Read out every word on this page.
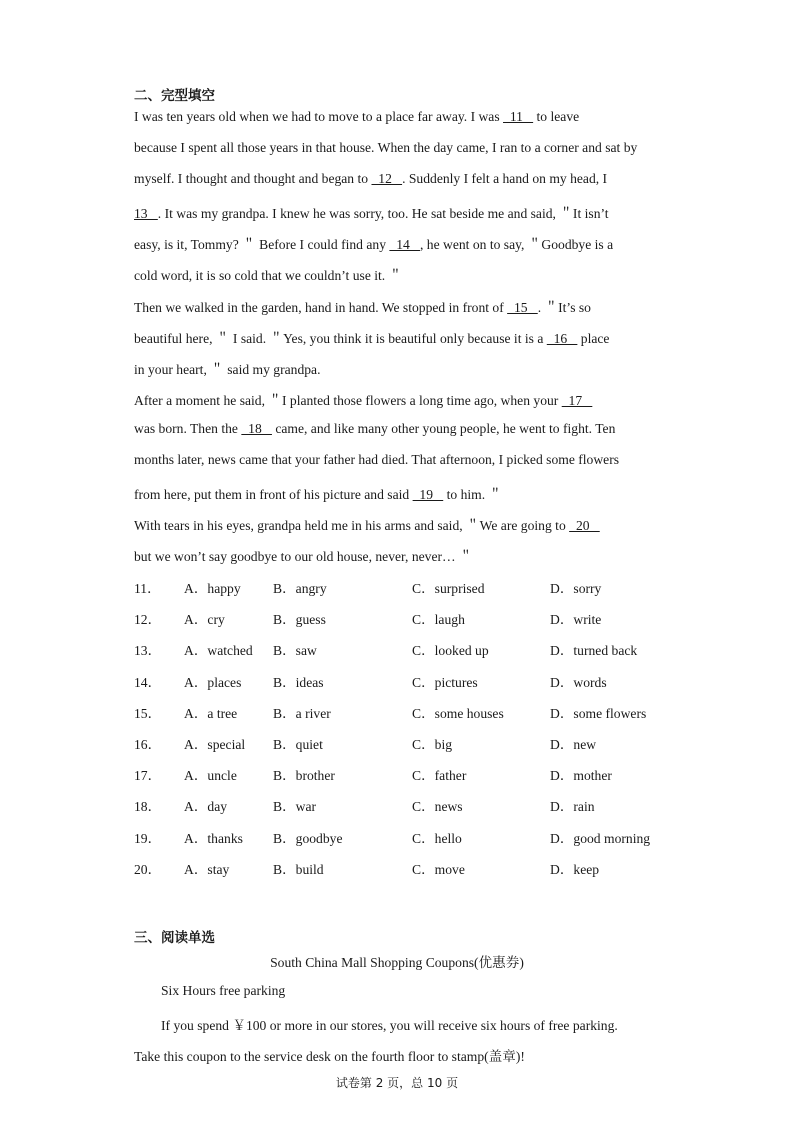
二、完型填空
I was ten years old when we had to move to a place far away. I was   11    to leave
because I spent all those years in that house. When the day came, I ran to a corner and sat by
myself. I thought and thought and began to   12   . Suddenly I felt a hand on my head, I
13   . It was my grandpa. I knew he was sorry, too. He sat beside me and said, ＂It isn’t
easy, is it, Tommy? ＂ Before I could find any   14   , he went on to say, ＂Goodbye is a
cold word, it is so cold that we couldn’t use it. ＂
Then we walked in the garden, hand in hand. We stopped in front of   15   . ＂It’s so
beautiful here, ＂ I said. ＂Yes, you think it is beautiful only because it is a   16    place
in your heart, ＂ said my grandpa.
After a moment he said, ＂I planted those flowers a long time ago, when your   17
was born. Then the   18    came, and like many other young people, he went to fight. Ten
months later, news came that your father had died. That afternoon, I picked some flowers
from here, put them in front of his picture and said   19    to him. ＂
With tears in his eyes, grandpa held me in his arms and said, ＂We are going to   20
but we won’t say goodbye to our old house, never, never… ＂
11． A．happy B．angry	C．surprised	D．sorry
12． A．cry	B．guess	C．laugh	D．write
13． A．watched B．saw	C．looked up	D．turned back
14． A．places B．ideas	C．pictures	D．words
15． A．a tree	B．a river	C．some houses	D．some flowers
16． A．special B．quiet	C．big	D．new
17． A．uncle	B．brother	C．father	D．mother
18． A．day	B．war	C．news	D．rain
19． A．thanks B．goodbye	C．hello	D．good morning
20． A．stay	B．build	C．move	D．keep
三、阅读单选
South China Mall Shopping Coupons(优惠券)
Six Hours free parking
If you spend ￥100 or more in our stores, you will receive six hours of free parking.
Take this coupon to the service desk on the fourth floor to stamp(盖章)!
试卷第 2 页，总 10 页
